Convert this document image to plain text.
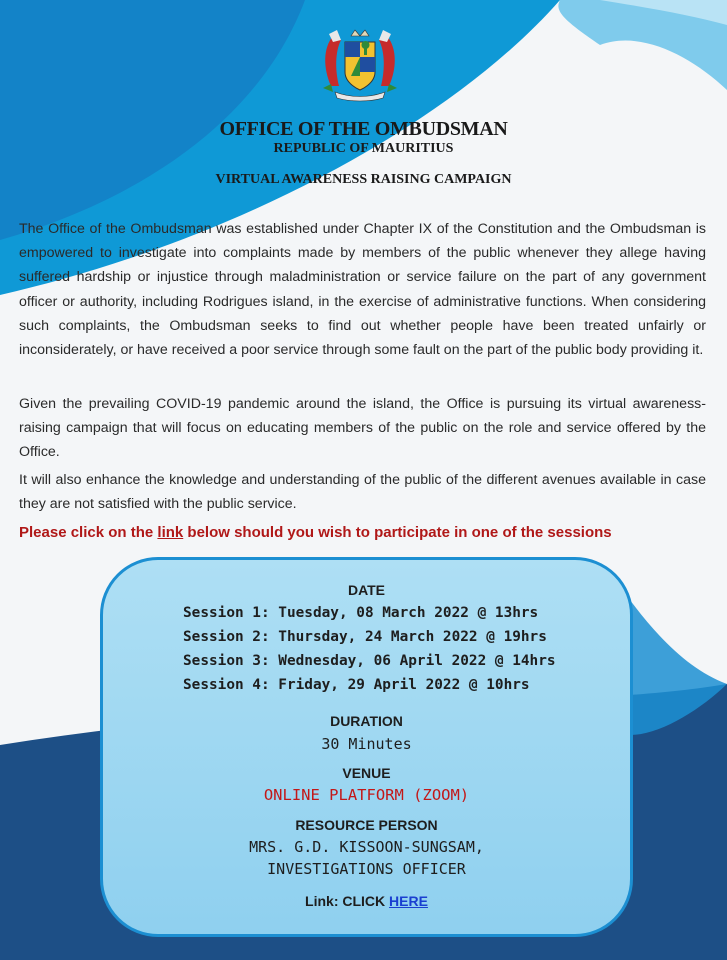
OFFICE OF THE OMBUDSMAN
REPUBLIC OF MAURITIUS
VIRTUAL AWARENESS RAISING CAMPAIGN
The Office of the Ombudsman was established under Chapter IX of the Constitution and the Ombudsman is empowered to investigate into complaints made by members of the public whenever they allege having suffered hardship or injustice through maladministration or service failure on the part of any government officer or authority, including Rodrigues island, in the exercise of administrative functions. When considering such complaints, the Ombudsman seeks to find out whether people have been treated unfairly or inconsiderately, or have received a poor service through some fault on the part of the public body providing it.
Given the prevailing COVID-19 pandemic around the island, the Office is pursuing its virtual awareness-raising campaign that will focus on educating members of the public on the role and service offered by the Office.
It will also enhance the knowledge and understanding of the public of the different avenues available in case they are not satisfied with the public service.
Please click on the link below should you wish to participate in one of the sessions
DATE
Session 1: Tuesday, 08 March 2022 @ 13hrs
Session 2: Thursday, 24 March 2022 @ 19hrs
Session 3: Wednesday, 06 April 2022 @ 14hrs
Session 4: Friday, 29 April 2022 @ 10hrs
DURATION
30 Minutes
VENUE
ONLINE PLATFORM (ZOOM)
RESOURCE PERSON
MRS. G.D. KISSOON-SUNGSAM,
INVESTIGATIONS OFFICER
Link: CLICK HERE
